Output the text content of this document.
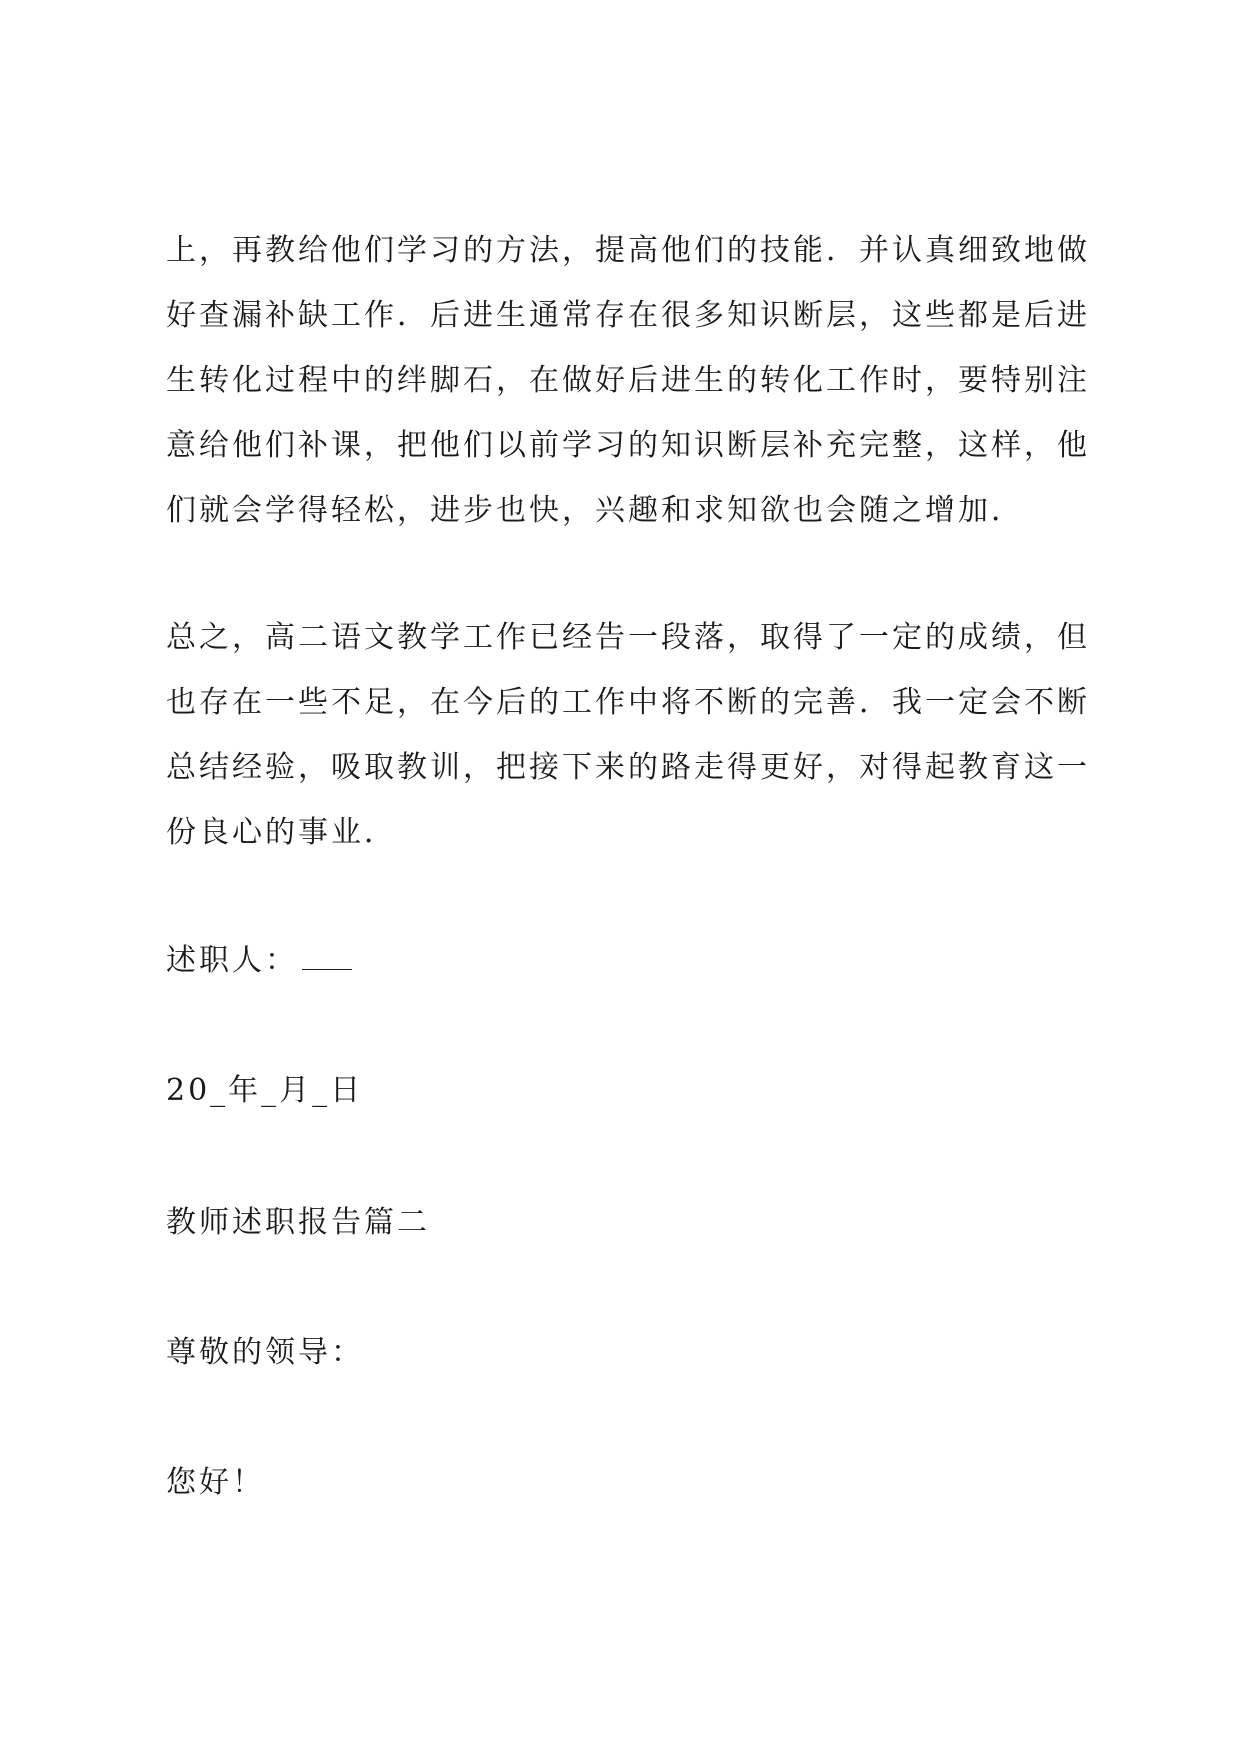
上，再教给他们学习的方法，提高他们的技能．并认真细致地做
好查漏补缺工作．后进生通常存在很多知识断层，这些都是后进
生转化过程中的绊脚石，在做好后进生的转化工作时，要特别注
意给他们补课，把他们以前学习的知识断层补充完整，这样，他
们就会学得轻松，进步也快，兴趣和求知欲也会随之增加．

总之，高二语文教学工作已经告一段落，取得了一定的成绩，但
也存在一些不足，在今后的工作中将不断的完善．我一定会不断
总结经验，吸取教训，把接下来的路走得更好，对得起教育这一
份良心的事业．

述职人：

20_年_月_日

教师述职报告篇二

尊敬的领导：

您好！
